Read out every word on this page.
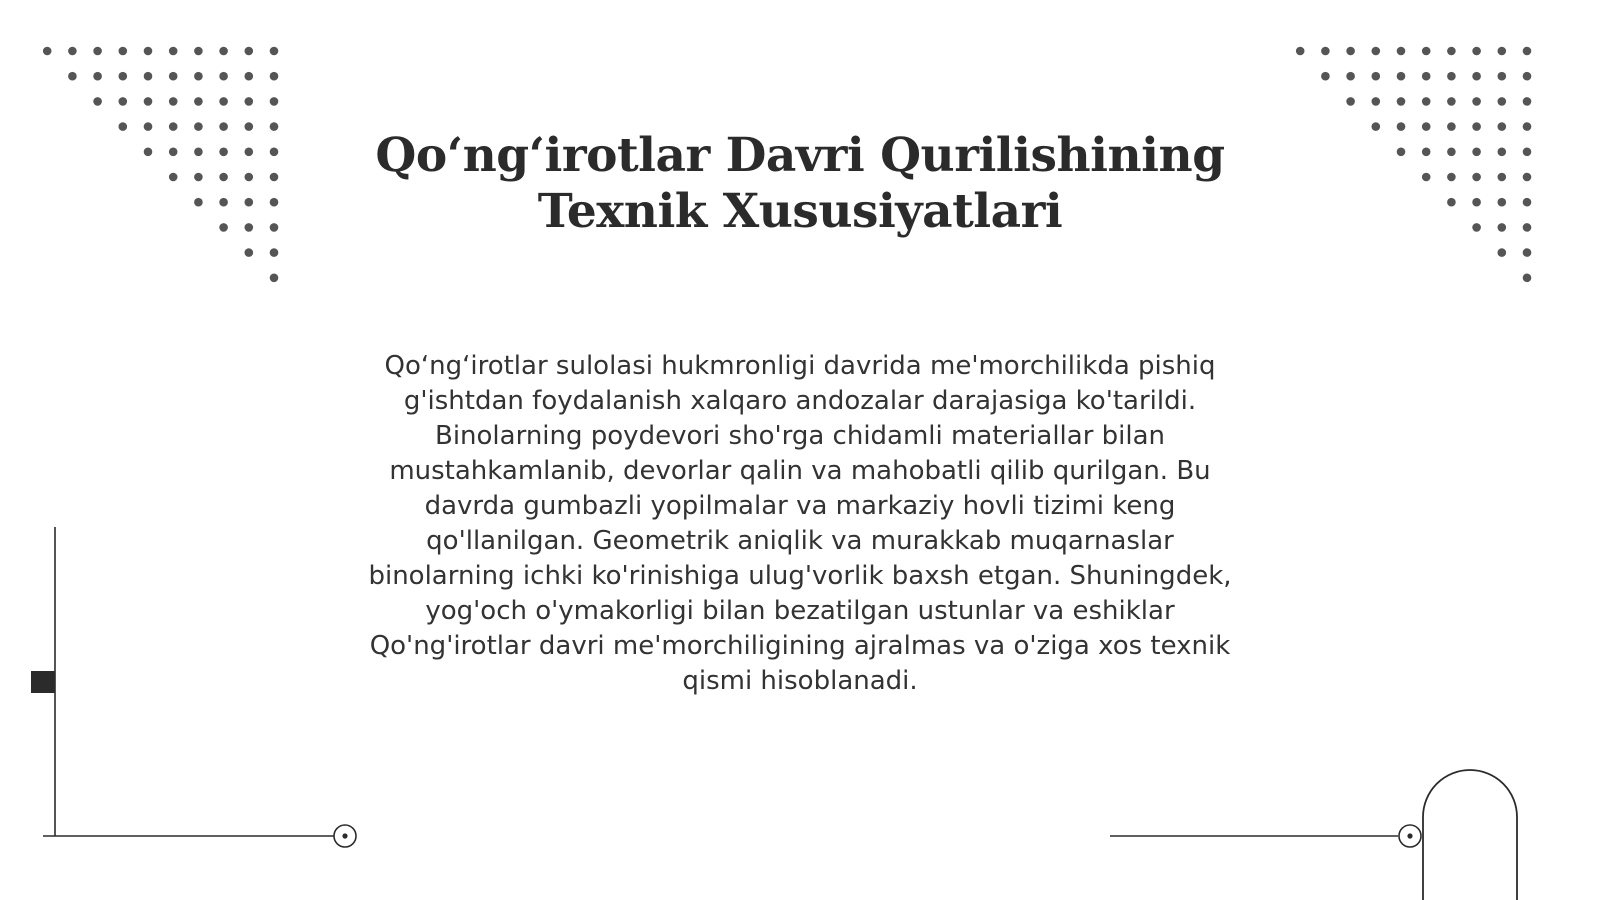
Qo‘ng‘irotlar Davri Qurilishining Texnik Xususiyatlari

Qo‘ng‘irotlar sulolasi hukmronligi davrida me'morchilikda pishiq g'ishtdan foydalanish xalqaro andozalar darajasiga ko'tarildi. Binolarning poydevori sho'rga chidamli materiallar bilan mustahkamlanib, devorlar qalin va mahobatli qilib qurilgan. Bu davrda gumbazli yopilmalar va markaziy hovli tizimi keng qo'llanilgan. Geometrik aniqlik va murakkab muqarnaslar binolarning ichki ko'rinishiga ulug'vorlik baxsh etgan. Shuningdek, yog'och o'ymakorligi bilan bezatilgan ustunlar va eshiklar Qo'ng'irotlar davri me'morchiligining ajralmas va o'ziga xos texnik qismi hisoblanadi.
